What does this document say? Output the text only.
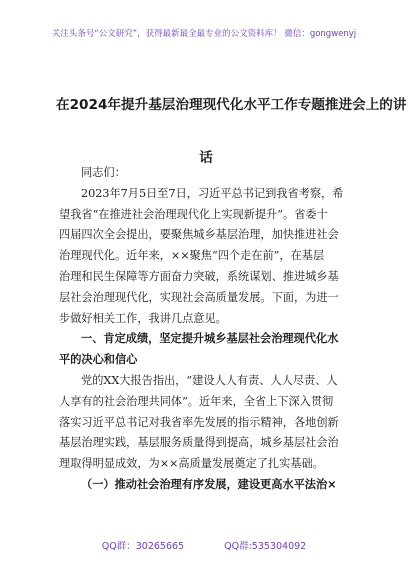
关注头条号“公文研究”，获得最新最全最专业的公文资料库！ 微信：gongwenyj
在2024年提升基层治理现代化水平工作专题推进会上的讲
话
同志们：
2023年7月5日至7日，习近平总书记到我省考察，希
望我省“在推进社会治理现代化上实现新提升”。省委十
四届四次全会提出，要聚焦城乡基层治理，加快推进社会
治理现代化。近年来，××聚焦“四个走在前”，在基层
治理和民生保障等方面奋力突破，系统谋划、推进城乡基
层社会治理现代化，实现社会高质量发展。下面，为进一
步做好相关工作，我讲几点意见。
一、肯定成绩，坚定提升城乡基层社会治理现代化水
平的决心和信心
党的XX大报告指出，“建设人人有责、人人尽责、人
人享有的社会治理共同体”。近年来，全省上下深入贯彻
落实习近平总书记对我省率先发展的指示精神，各地创新
基层治理实践，基层服务质量得到提高，城乡基层社会治
理取得明显成效，为××高质量发展奠定了扎实基础。
（一）推动社会治理有序发展，建设更高水平法治×
QQ群：30265665	QQ群:535304092
